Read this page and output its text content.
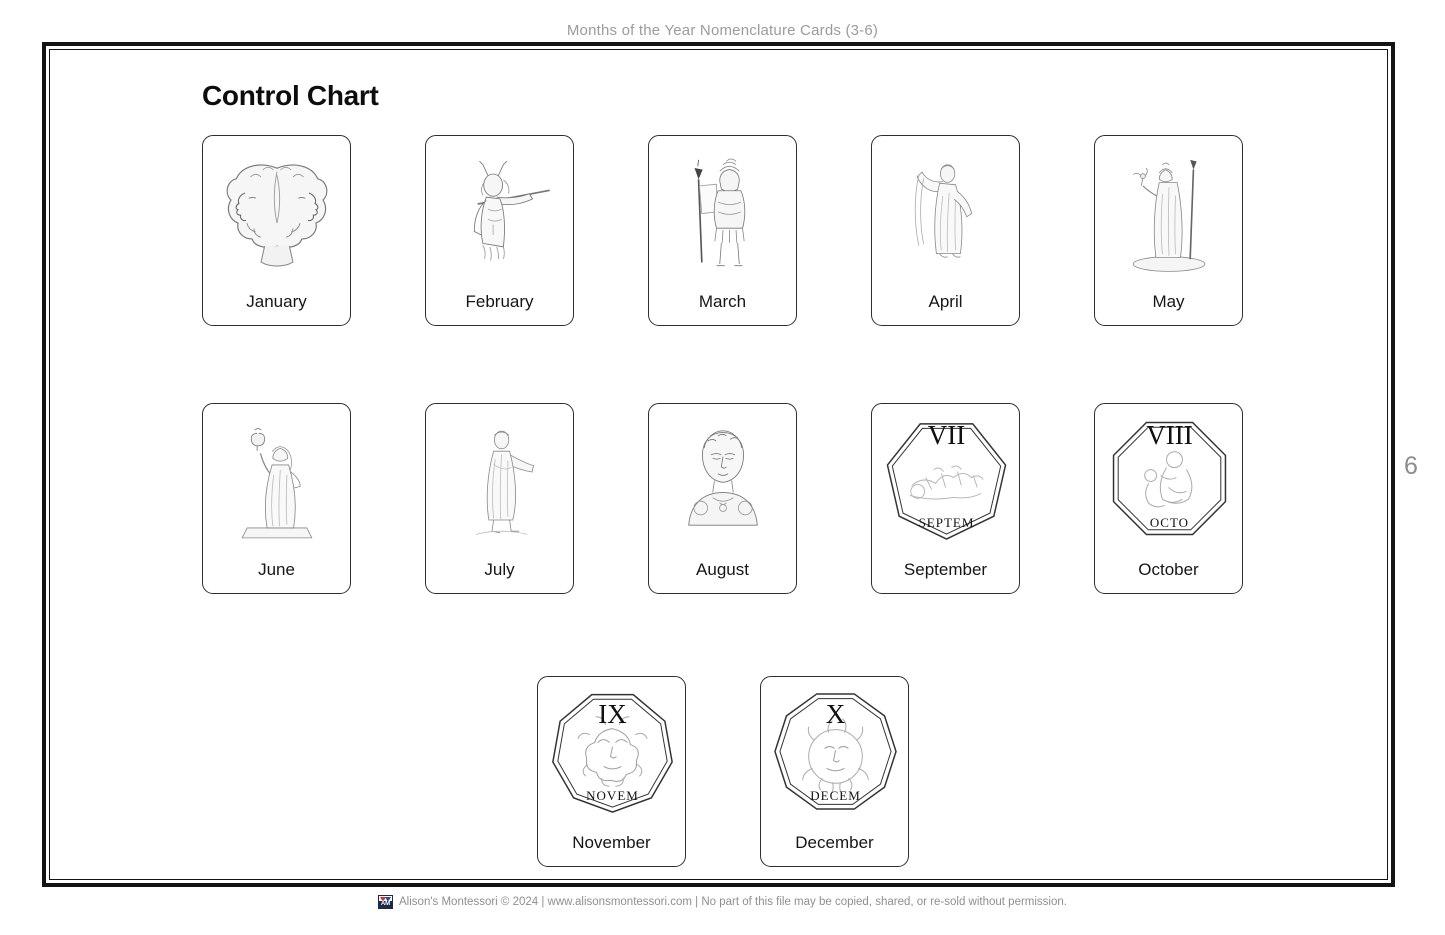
Months of the Year Nomenclature Cards (3-6)
Control Chart
6
January	February	March	April	May
June	July	August
VII
SEPTEM
September
VIII
OCTO
October
IX
NOVEM
November
X
DECEM
December
AM Alison's Montessori © 2024 | www.alisonsmontessori.com | No part of this file may be copied, shared, or re-sold without permission.
